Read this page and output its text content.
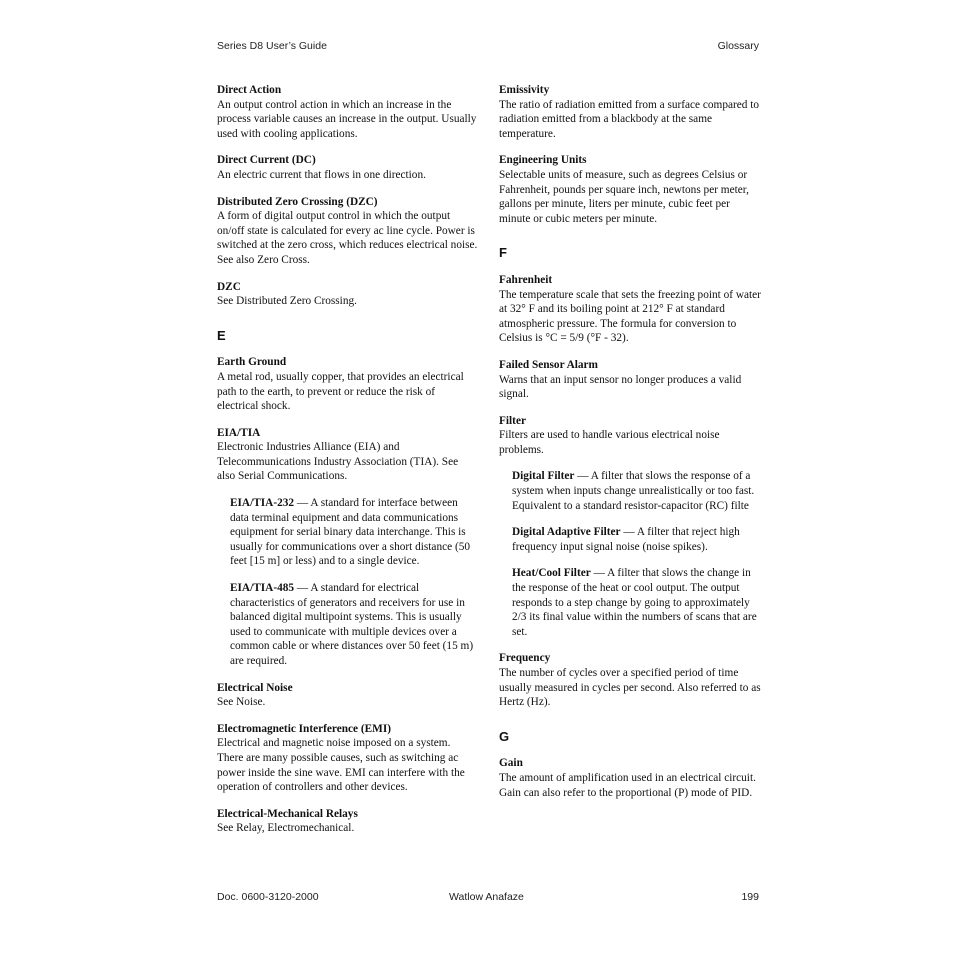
Series D8 User’s Guide	Glossary
Direct Action
An output control action in which an increase in the process variable causes an increase in the output. Usually used with cooling applications.
Direct Current (DC)
An electric current that flows in one direction.
Distributed Zero Crossing (DZC)
A form of digital output control in which the output on/off state is calculated for every ac line cycle. Power is switched at the zero cross, which reduces electrical noise. See also Zero Cross.
DZC
See Distributed Zero Crossing.
E
Earth Ground
A metal rod, usually copper, that provides an electrical path to the earth, to prevent or reduce the risk of electrical shock.
EIA/TIA
Electronic Industries Alliance (EIA) and Telecommunications Industry Association (TIA). See also Serial Communications.
EIA/TIA-232 — A standard for interface between data terminal equipment and data communications equipment for serial binary data interchange. This is usually for communications over a short distance (50 feet [15 m] or less) and to a single device.
EIA/TIA-485 — A standard for electrical characteristics of generators and receivers for use in balanced digital multipoint systems. This is usually used to communicate with multiple devices over a common cable or where distances over 50 feet (15 m) are required.
Electrical Noise
See Noise.
Electromagnetic Interference (EMI)
Electrical and magnetic noise imposed on a system. There are many possible causes, such as switching ac power inside the sine wave. EMI can interfere with the operation of controllers and other devices.
Electrical-Mechanical Relays
See Relay, Electromechanical.
Emissivity
The ratio of radiation emitted from a surface compared to radiation emitted from a blackbody at the same temperature.
Engineering Units
Selectable units of measure, such as degrees Celsius or Fahrenheit, pounds per square inch, newtons per meter, gallons per minute, liters per minute, cubic feet per minute or cubic meters per minute.
F
Fahrenheit
The temperature scale that sets the freezing point of water at 32° F and its boiling point at 212° F at standard atmospheric pressure. The formula for conversion to Celsius is °C = 5/9 (°F - 32).
Failed Sensor Alarm
Warns that an input sensor no longer produces a valid signal.
Filter
Filters are used to handle various electrical noise problems.
Digital Filter — A filter that slows the response of a system when inputs change unrealistically or too fast. Equivalent to a standard resistor-capacitor (RC) filte
Digital Adaptive Filter — A filter that reject high frequency input signal noise (noise spikes).
Heat/Cool Filter — A filter that slows the change in the response of the heat or cool output. The output responds to a step change by going to approximately 2/3 its final value within the numbers of scans that are set.
Frequency
The number of cycles over a specified period of time usually measured in cycles per second. Also referred to as Hertz (Hz).
G
Gain
The amount of amplification used in an electrical circuit. Gain can also refer to the proportional (P) mode of PID.
Doc. 0600-3120-2000	Watlow Anafaze	199
